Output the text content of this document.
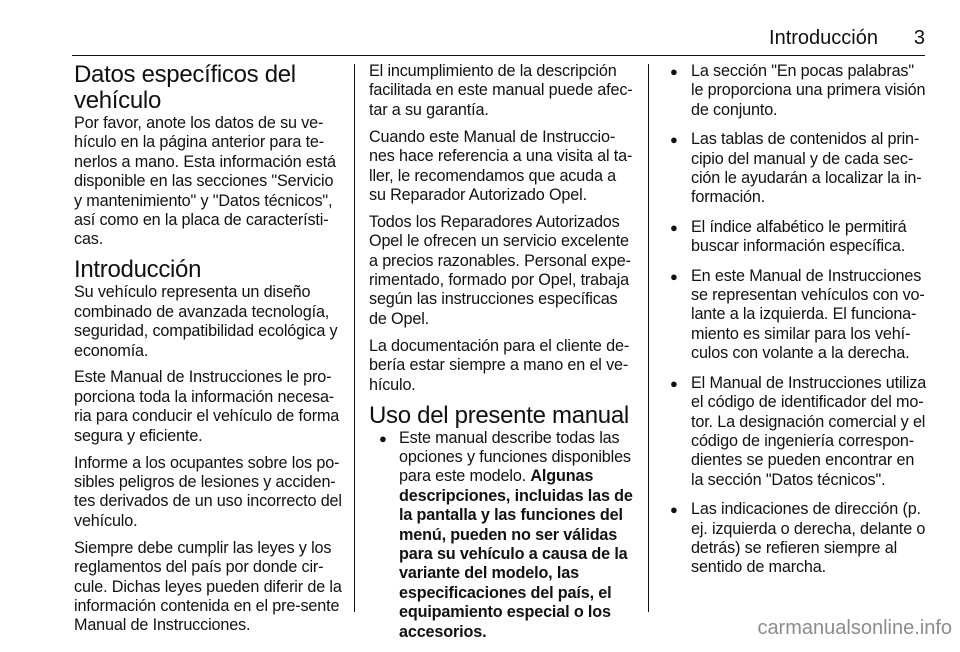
Introducción 3
Datos específicos del vehículo

Por favor, anote los datos de su ve-hículo en la página anterior para te-nerlos a mano. Esta información está disponible en las secciones "Servicio y mantenimiento" y "Datos técnicos", así como en la placa de característi-cas.

Introducción

Su vehículo representa un diseño combinado de avanzada tecnología, seguridad, compatibilidad ecológica y economía.

Este Manual de Instrucciones le pro-porciona toda la información necesa-ria para conducir el vehículo de forma segura y eficiente.

Informe a los ocupantes sobre los po-sibles peligros de lesiones y acciden-tes derivados de un uso incorrecto del vehículo.

Siempre debe cumplir las leyes y los reglamentos del país por donde cir-cule. Dichas leyes pueden diferir de la información contenida en el pre-sente Manual de Instrucciones.

El incumplimiento de la descripción facilitada en este manual puede afec-tar a su garantía.

Cuando este Manual de Instruccio-nes hace referencia a una visita al ta-ller, le recomendamos que acuda a su Reparador Autorizado Opel.

Todos los Reparadores Autorizados Opel le ofrecen un servicio excelente a precios razonables. Personal expe-rimentado, formado por Opel, trabaja según las instrucciones específicas de Opel.

La documentación para el cliente de-bería estar siempre a mano en el ve-hículo.

Uso del presente manual
● Este manual describe todas las opciones y funciones disponibles para este modelo. Algunas descripciones, incluidas las de la pantalla y las funciones del menú, pueden no ser válidas para su vehículo a causa de la variante del modelo, las especificaciones del país, el equipamiento especial o los accesorios.
● La sección "En pocas palabras" le proporciona una primera visión de conjunto.
● Las tablas de contenidos al prin-cipio del manual y de cada sec-ción le ayudarán a localizar la in-formación.
● El índice alfabético le permitirá buscar información específica.
● En este Manual de Instrucciones se representan vehículos con vo-lante a la izquierda. El funciona-miento es similar para los vehí-culos con volante a la derecha.
● El Manual de Instrucciones utiliza el código de identificador del mo-tor. La designación comercial y el código de ingeniería correspon-dientes se pueden encontrar en la sección "Datos técnicos".
● Las indicaciones de dirección (p. ej. izquierda o derecha, delante o detrás) se refieren siempre al sentido de marcha.
carmanualsonline.info
